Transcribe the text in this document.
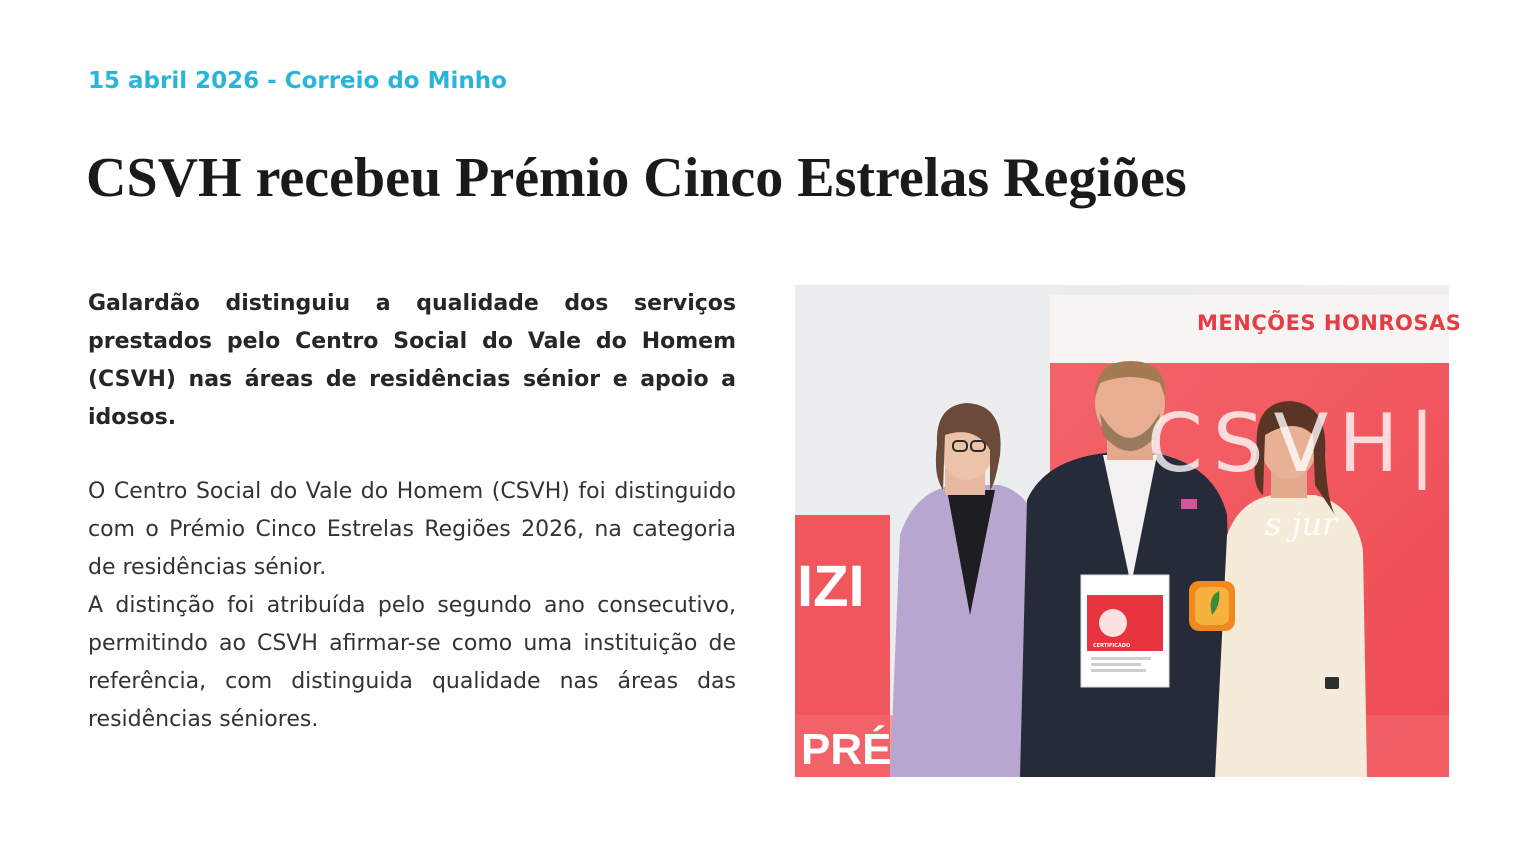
15 abril 2026 - Correio do Minho
CSVH recebeu Prémio Cinco Estrelas Regiões

Galardão distinguiu a qualidade dos serviços prestados pelo Centro Social do Vale do Homem (CSVH) nas áreas de residências sénior e apoio a idosos.

O Centro Social do Vale do Homem (CSVH) foi distinguido com o Prémio Cinco Estrelas Regiões 2026, na categoria de residências sénior.

A distinção foi atribuída pelo segundo ano consecutivo, permitindo ao CSVH afirmar-se como uma instituição de referência, com distinguida qualidade nas áreas das residências séniores.

MENÇÕES HONROSAS
CSVH|2
s jur
IZI
PRÉ
CERTIFICADO
